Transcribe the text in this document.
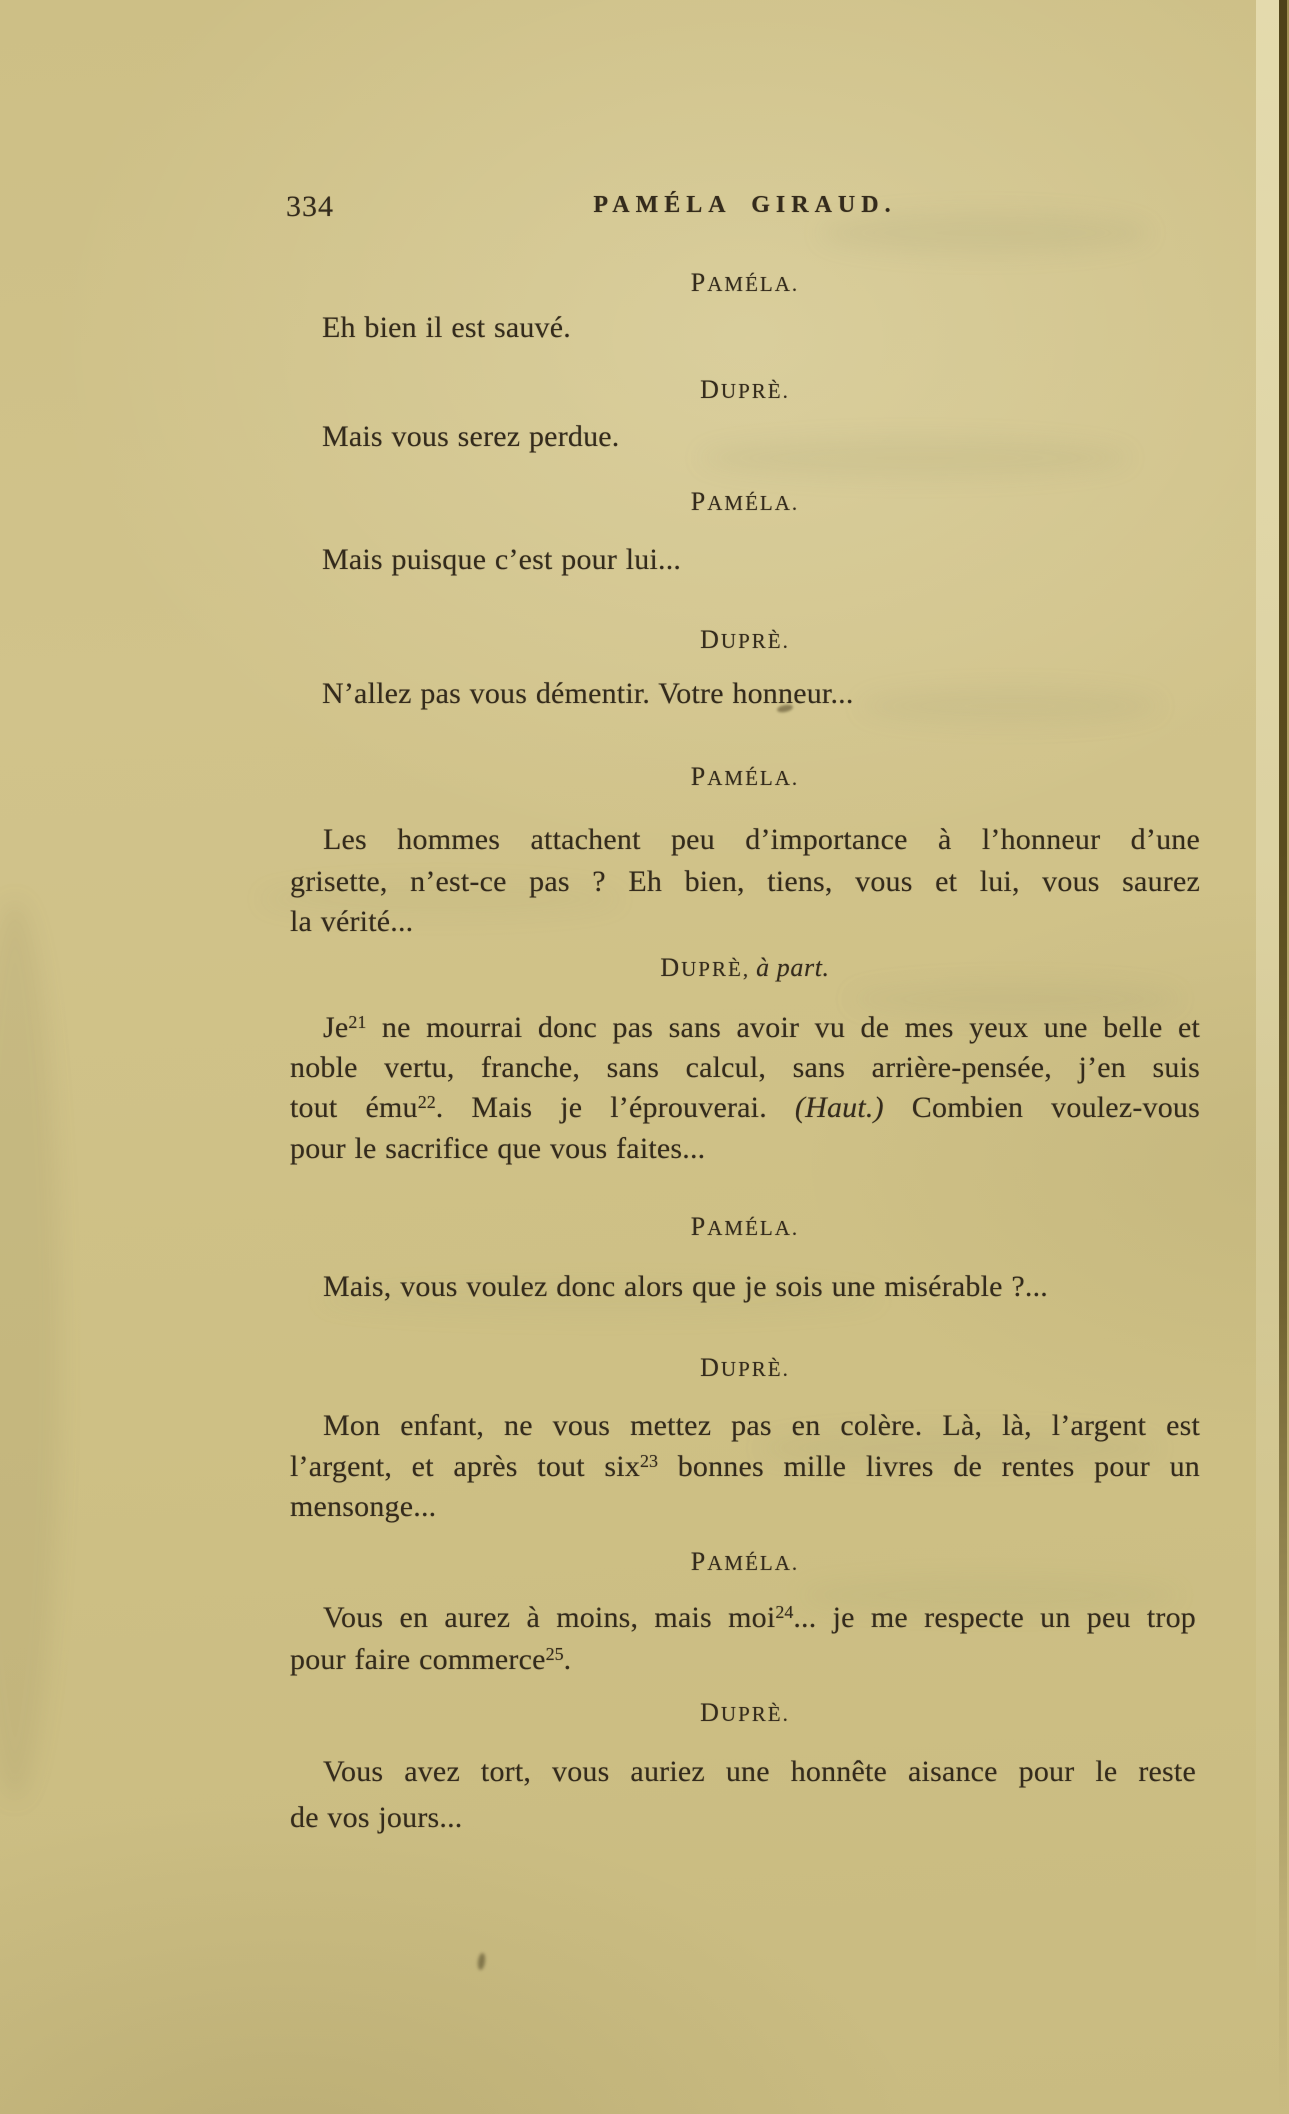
334	PAMÉLA GIRAUD.
PAMÉLA.
Eh bien il est sauvé.
DUPRÈ.
Mais vous serez perdue.
PAMÉLA.
Mais puisque c’est pour lui...
DUPRÈ.
N’allez pas vous démentir. Votre honneur...
PAMÉLA.
Les hommes attachent peu d’importance à l’honneur d’une
grisette, n’est-ce pas ? Eh bien, tiens, vous et lui, vous saurez
la vérité...
DUPRÈ, à part.
Je$^{21}$ ne mourrai donc pas sans avoir vu de mes yeux une belle et
noble vertu, franche, sans calcul, sans arrière-pensée, j’en suis
tout ému$^{22}$. Mais je l’éprouverai. (Haut.) Combien voulez-vous
pour le sacrifice que vous faites...
PAMÉLA.
Mais, vous voulez donc alors que je sois une misérable ?...
DUPRÈ.
Mon enfant, ne vous mettez pas en colère. Là, là, l’argent est
l’argent, et après tout six$^{23}$ bonnes mille livres de rentes pour un
mensonge...
PAMÉLA.
Vous en aurez à moins, mais moi$^{24}$... je me respecte un peu trop
pour faire commerce$^{25}$.
DUPRÈ.
Vous avez tort, vous auriez une honnête aisance pour le reste
de vos jours...
